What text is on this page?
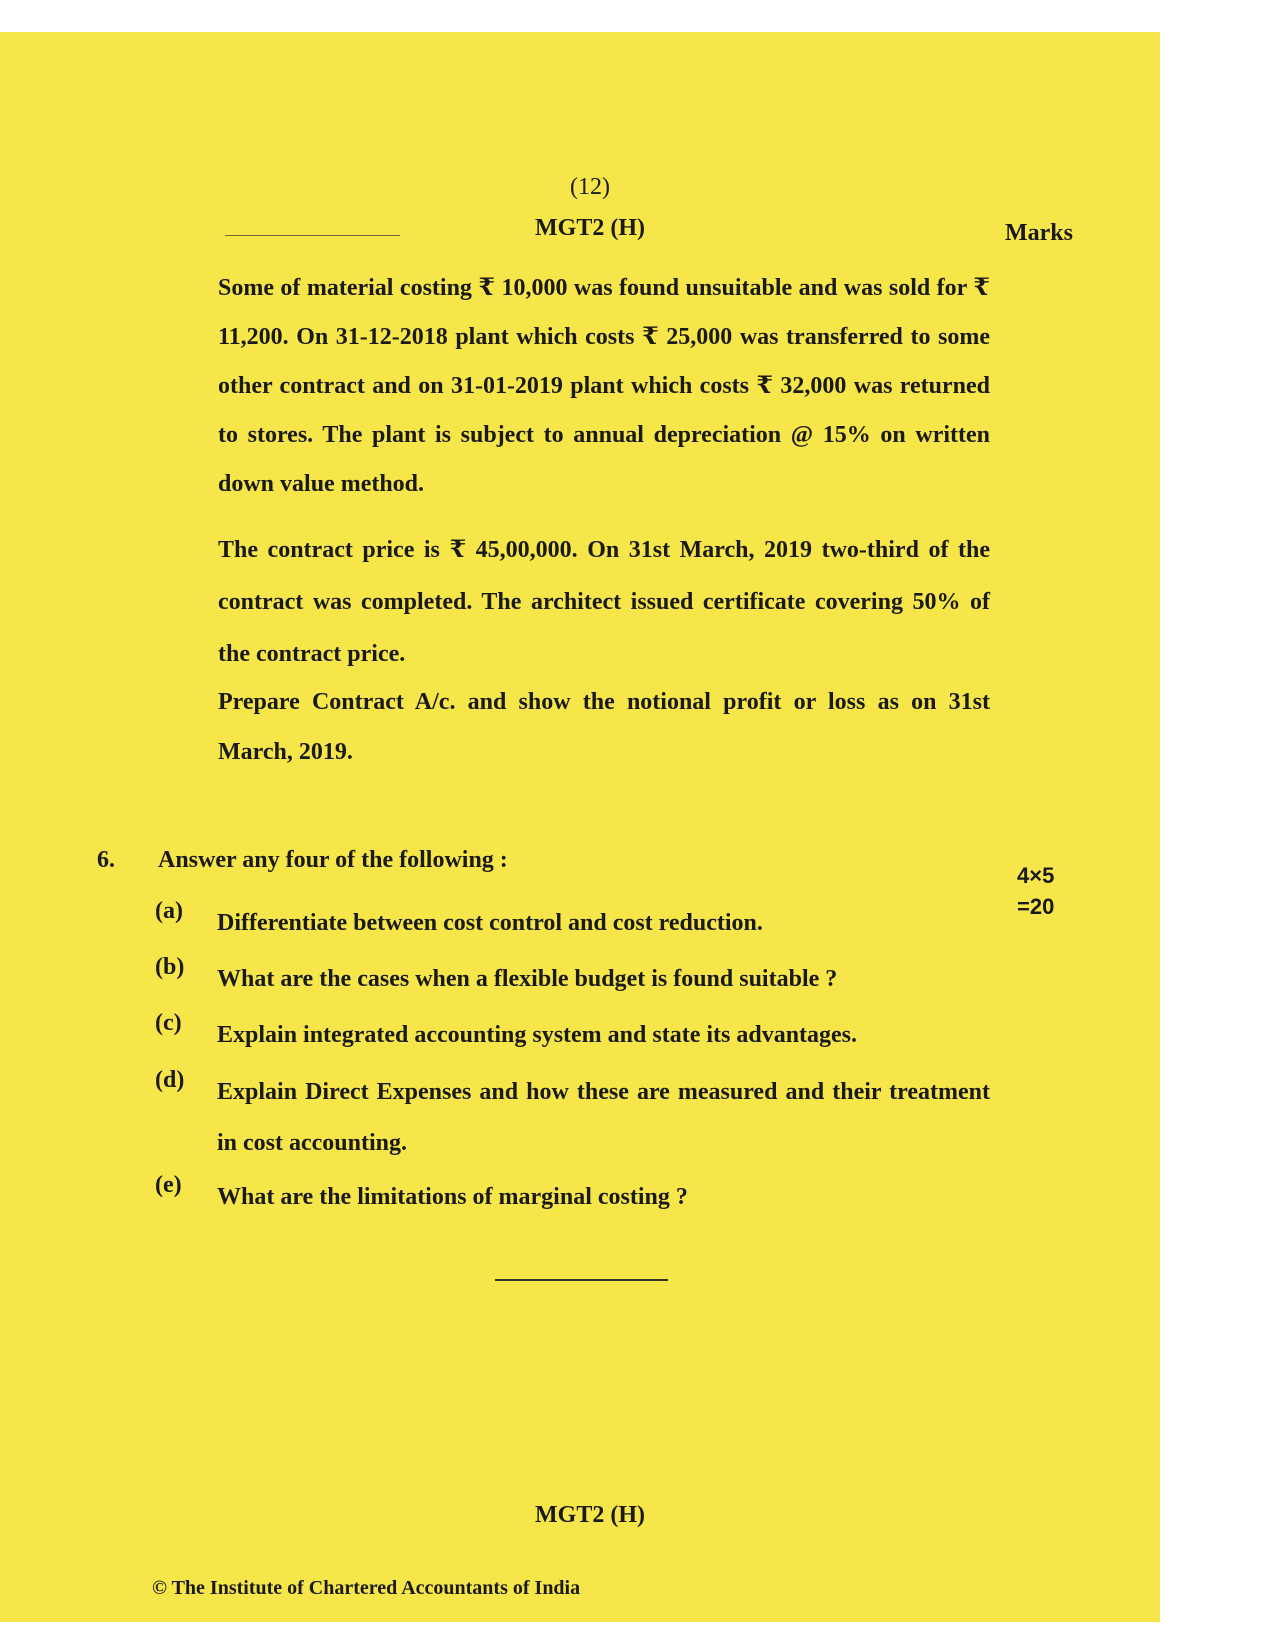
(12)
MGT2 (H)	Marks

Some of material costing ₹ 10,000 was found unsuitable and was sold for ₹ 11,200. On 31-12-2018 plant which costs ₹ 25,000 was transferred to some other contract and on 31-01-2019 plant which costs ₹ 32,000 was returned to stores. The plant is subject to annual depreciation @ 15% on written down value method.

The contract price is ₹ 45,00,000. On 31st March, 2019 two-third of the contract was completed. The architect issued certificate covering 50% of the contract price.

Prepare Contract A/c. and show the notional profit or loss as on 31st March, 2019.

6. Answer any four of the following :
4×5
=20
(a) Differentiate between cost control and cost reduction.

(b) What are the cases when a flexible budget is found suitable ?

(c) Explain integrated accounting system and state its advantages.

(d) Explain Direct Expenses and how these are measured and their treatment in cost accounting.

(e) What are the limitations of marginal costing ?

MGT2 (H)
© The Institute of Chartered Accountants of India
